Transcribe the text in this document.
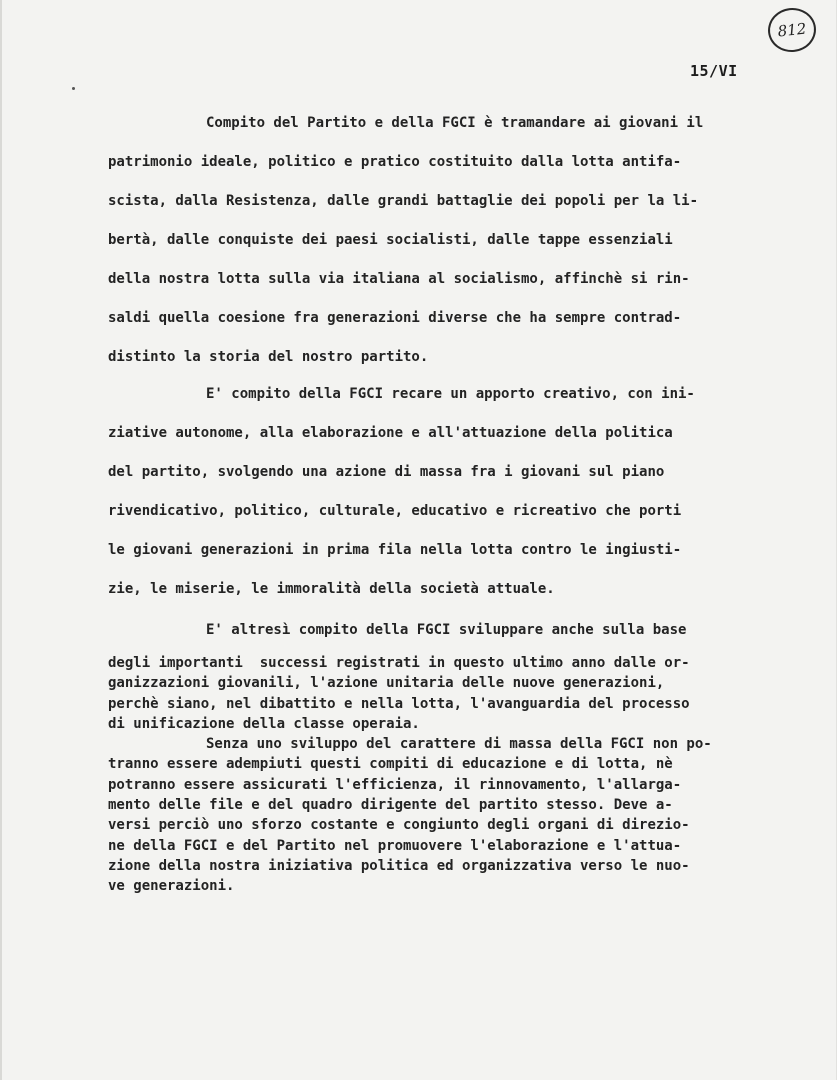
812
15/VI
Compito del Partito e della FGCI è tramandare ai giovani il
patrimonio ideale, politico e pratico costituito dalla lotta antifa-
scista, dalla Resistenza, dalle grandi battaglie dei popoli per la li-
bertà, dalle conquiste dei paesi socialisti, dalle tappe essenziali
della nostra lotta sulla via italiana al socialismo, affinchè si rin-
saldi quella coesione fra generazioni diverse che ha sempre contrad-
distinto la storia del nostro partito.
E' compito della FGCI recare un apporto creativo, con ini-
ziative autonome, alla elaborazione e all'attuazione della politica
del partito, svolgendo una azione di massa fra i giovani sul piano
rivendicativo, politico, culturale, educativo e ricreativo che porti
le giovani generazioni in prima fila nella lotta contro le ingiusti-
zie, le miserie, le immoralità della società attuale.
E' altresì compito della FGCI sviluppare anche sulla base
degli importanti  successi registrati in questo ultimo anno dalle or-
ganizzazioni giovanili, l'azione unitaria delle nuove generazioni,
perchè siano, nel dibattito e nella lotta, l'avanguardia del processo
di unificazione della classe operaia.
Senza uno sviluppo del carattere di massa della FGCI non po-
tranno essere adempiuti questi compiti di educazione e di lotta, nè
potranno essere assicurati l'efficienza, il rinnovamento, l'allarga-
mento delle file e del quadro dirigente del partito stesso. Deve a-
versi perciò uno sforzo costante e congiunto degli organi di direzio-
ne della FGCI e del Partito nel promuovere l'elaborazione e l'attua-
zione della nostra iniziativa politica ed organizzativa verso le nuo-
ve generazioni.
